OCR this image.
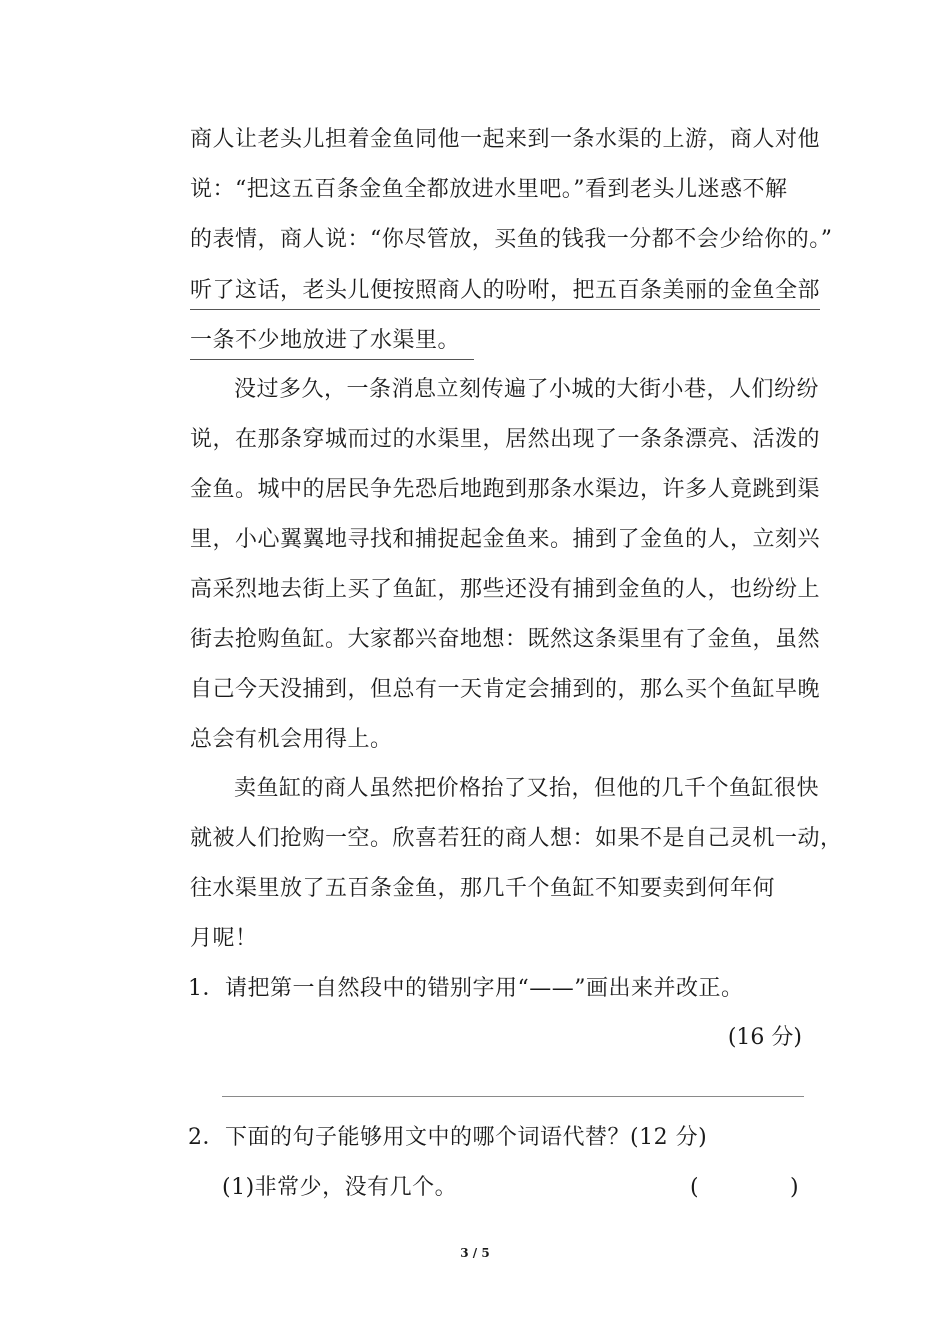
商人让老头儿担着金鱼同他一起来到一条水渠的上游，商人对他
说：“把这五百条金鱼全都放进水里吧。”看到老头儿迷惑不解
的表情，商人说：“你尽管放，买鱼的钱我一分都不会少给你的。”
听了这话，老头儿便按照商人的吩咐，把五百条美丽的金鱼全部
一条不少地放进了水渠里。
没过多久，一条消息立刻传遍了小城的大街小巷，人们纷纷
说，在那条穿城而过的水渠里，居然出现了一条条漂亮、活泼的
金鱼。城中的居民争先恐后地跑到那条水渠边，许多人竟跳到渠
里，小心翼翼地寻找和捕捉起金鱼来。捕到了金鱼的人，立刻兴
高采烈地去街上买了鱼缸，那些还没有捕到金鱼的人，也纷纷上
街去抢购鱼缸。大家都兴奋地想：既然这条渠里有了金鱼，虽然
自己今天没捕到，但总有一天肯定会捕到的，那么买个鱼缸早晚
总会有机会用得上。
卖鱼缸的商人虽然把价格抬了又抬，但他的几千个鱼缸很快
就被人们抢购一空。欣喜若狂的商人想：如果不是自己灵机一动，
往水渠里放了五百条金鱼，那几千个鱼缸不知要卖到何年何
月呢！
1．请把第一自然段中的错别字用“——”画出来并改正。
(16 分)
2．下面的句子能够用文中的哪个词语代替？(12 分)
(1)非常少，没有几个。	(	)
3 / 5
